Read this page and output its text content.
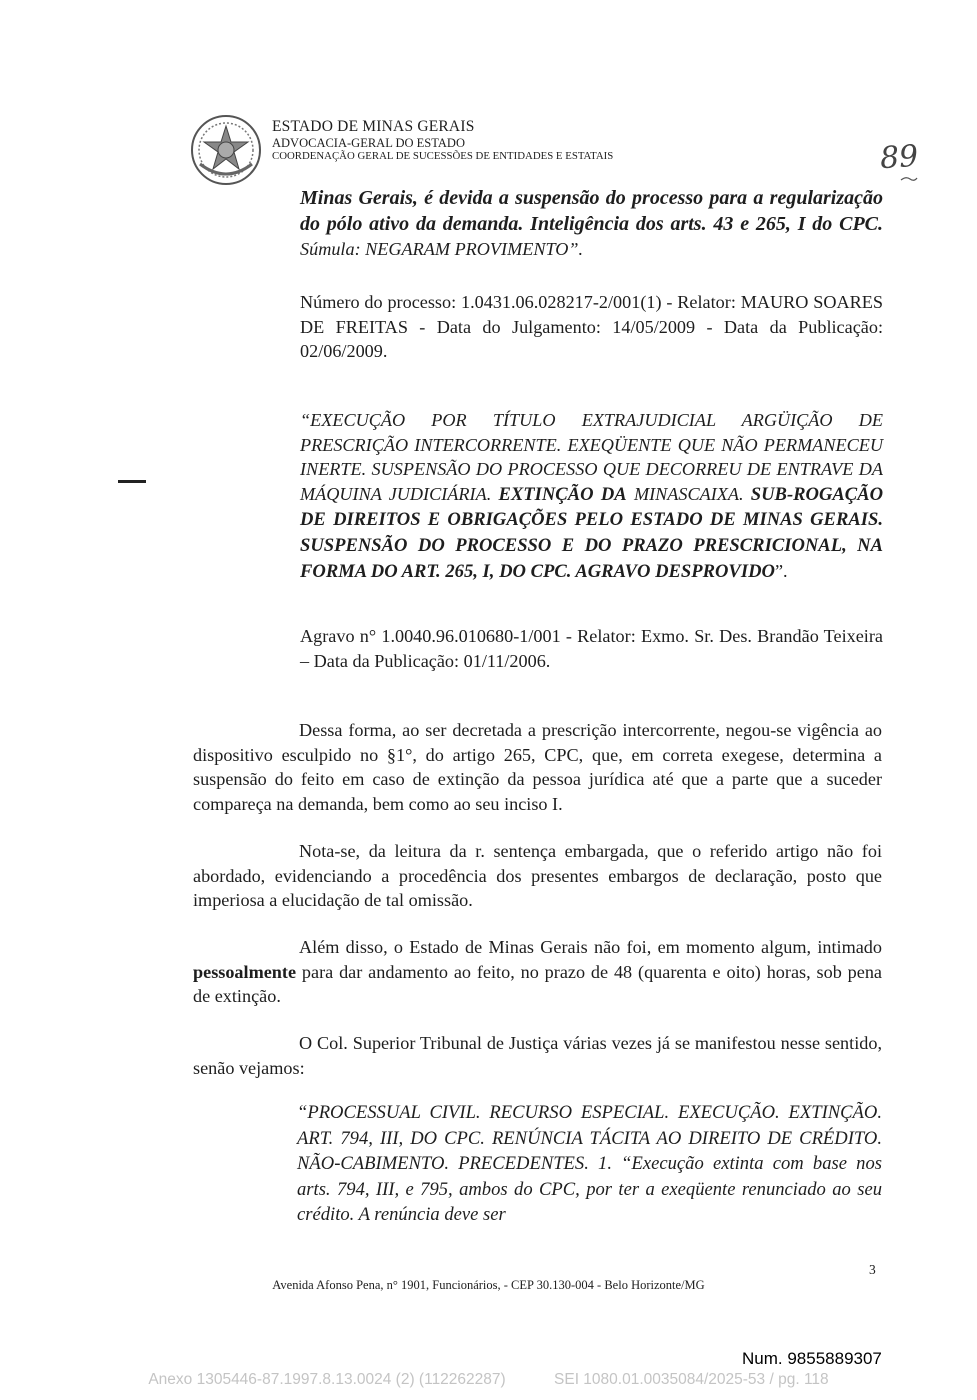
ESTADO DE MINAS GERAIS
ADVOCACIA-GERAL DO ESTADO
COORDENAÇÃO GERAL DE SUCESSÕES DE ENTIDADES E ESTATAIS	89

Minas Gerais, é devida a suspensão do processo para a regularização do pólo ativo da demanda. Inteligência dos arts. 43 e 265, I do CPC. Súmula: NEGARAM PROVIMENTO”.

Número do processo: 1.0431.06.028217-2/001(1) - Relator: MAURO SOARES DE FREITAS - Data do Julgamento: 14/05/2009 - Data da Publicação: 02/06/2009.

“EXECUÇÃO POR TÍTULO EXTRAJUDICIAL ARGÜIÇÃO DE PRESCRIÇÃO INTERCORRENTE. EXEQÜENTE QUE NÃO PERMANECEU INERTE. SUSPENSÃO DO PROCESSO QUE DECORREU DE ENTRAVE DA MÁQUINA JUDICIÁRIA. EXTINÇÃO DA MINASCAIXA. SUB-ROGAÇÃO DE DIREITOS E OBRIGAÇÕES PELO ESTADO DE MINAS GERAIS. SUSPENSÃO DO PROCESSO E DO PRAZO PRESCRICIONAL, NA FORMA DO ART. 265, I, DO CPC. AGRAVO DESPROVIDO”.

Agravo n° 1.0040.96.010680-1/001 - Relator: Exmo. Sr. Des. Brandão Teixeira – Data da Publicação: 01/11/2006.

Dessa forma, ao ser decretada a prescrição intercorrente, negou-se vigência ao dispositivo esculpido no §1°, do artigo 265, CPC, que, em correta exegese, determina a suspensão do feito em caso de extinção da pessoa jurídica até que a parte que a suceder compareça na demanda, bem como ao seu inciso I.

Nota-se, da leitura da r. sentença embargada, que o referido artigo não foi abordado, evidenciando a procedência dos presentes embargos de declaração, posto que imperiosa a elucidação de tal omissão.

Além disso, o Estado de Minas Gerais não foi, em momento algum, intimado pessoalmente para dar andamento ao feito, no prazo de 48 (quarenta e oito) horas, sob pena de extinção.

O Col. Superior Tribunal de Justiça várias vezes já se manifestou nesse sentido, senão vejamos:

“PROCESSUAL CIVIL. RECURSO ESPECIAL. EXECUÇÃO. EXTINÇÃO. ART. 794, III, DO CPC. RENÚNCIA TÁCITA AO DIREITO DE CRÉDITO. NÃO-CABIMENTO. PRECEDENTES. 1. “Execução extinta com base nos arts. 794, III, e 795, ambos do CPC, por ter a exeqüente renunciado ao seu crédito. A renúncia deve ser

3
Avenida Afonso Pena, n° 1901, Funcionários, - CEP 30.130-004 - Belo Horizonte/MG
Num. 9855889307
Anexo 1305446-87.1997.8.13.0024 (2) (112262287)	SEI 1080.01.0035084/2025-53 / pg. 118
